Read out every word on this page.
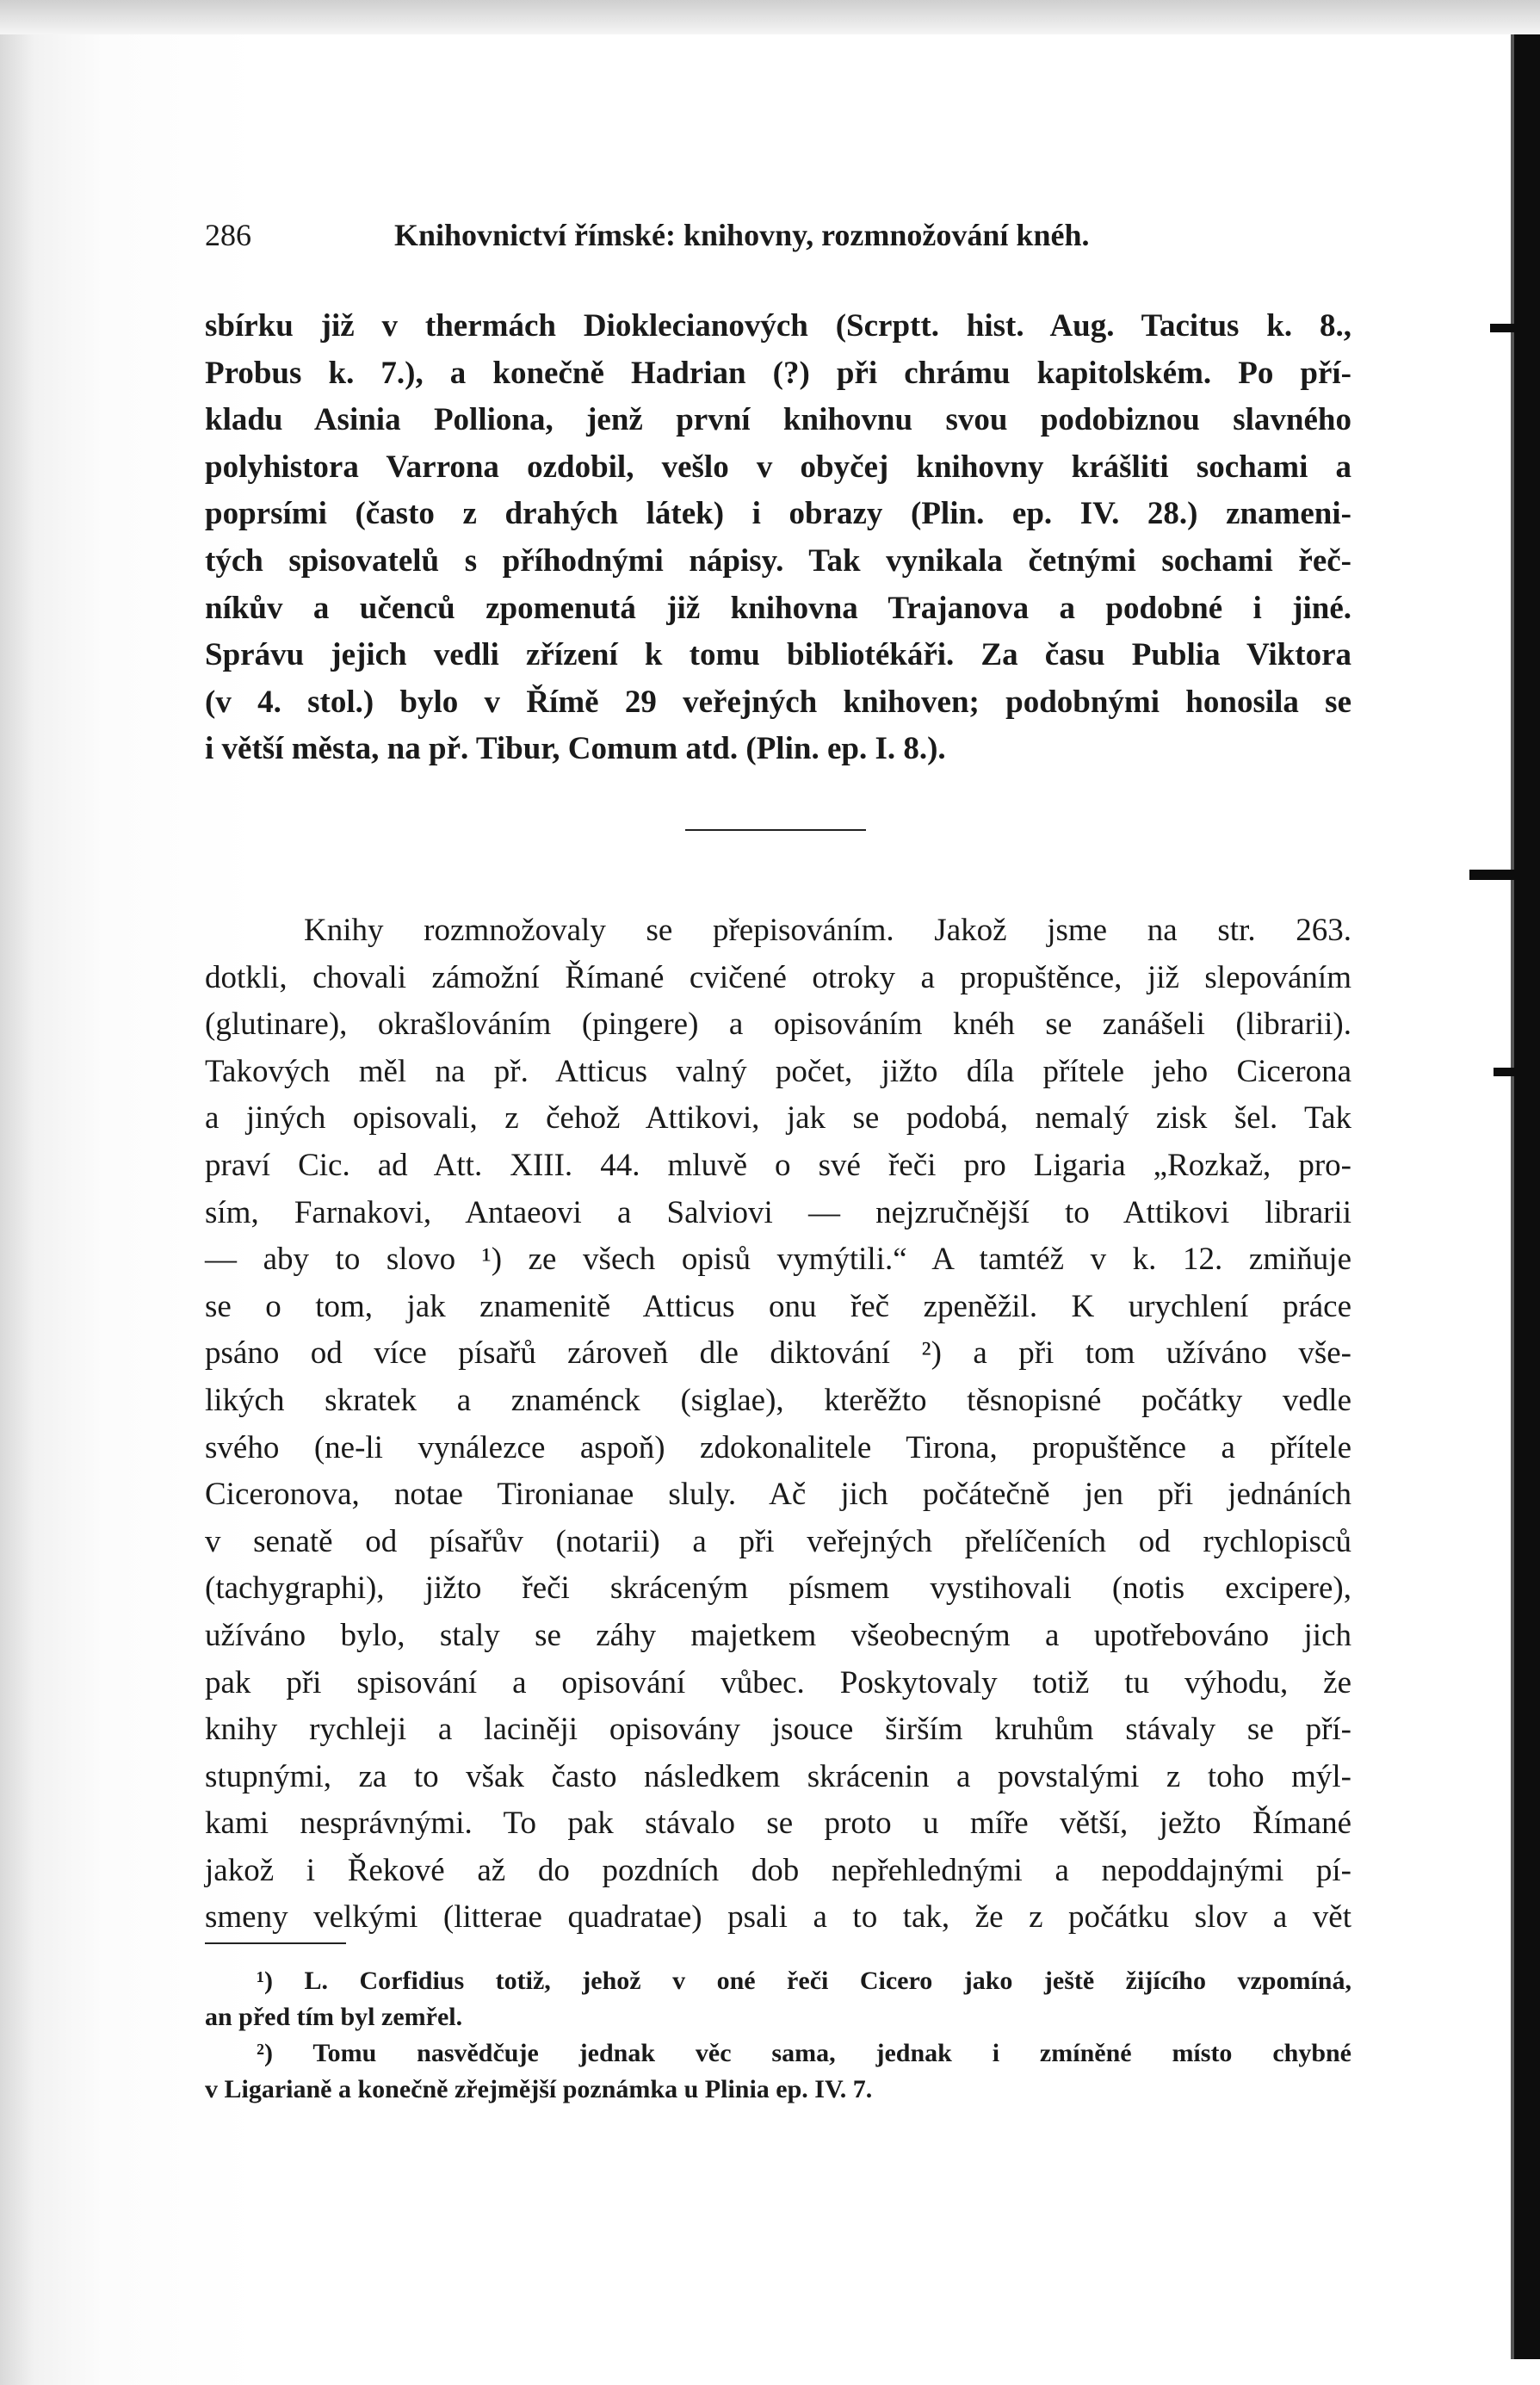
286	Knihovnictví římské: knihovny, rozmnožování knéh.
sbírku již v thermách Dioklecianových (Scrptt. hist. Aug. Tacitus k. 8.,
Probus k. 7.), a konečně Hadrian (?) při chrámu kapitolském. Po pří-
kladu Asinia Polliona, jenž první knihovnu svou podobiznou slavného
polyhistora Varrona ozdobil, vešlo v obyčej knihovny krášliti sochami a
poprsími (často z drahých látek) i obrazy (Plin. ep. IV. 28.) znameni-
tých spisovatelů s příhodnými nápisy. Tak vynikala četnými sochami řeč-
níkův a učenců zpomenutá již knihovna Trajanova a podobné i jiné.
Správu jejich vedli zřízení k tomu bibliotékáři. Za času Publia Viktora
(v 4. stol.) bylo v Římě 29 veřejných knihoven; podobnými honosila se
i větší města, na př. Tibur, Comum atd. (Plin. ep. I. 8.).
Knihy rozmnožovaly se přepisováním. Jakož jsme na str. 263.
dotkli, chovali zámožní Římané cvičené otroky a propuštěnce, již slepováním
(glutinare), okrašlováním (pingere) a opisováním knéh se zanášeli (librarii).
Takových měl na př. Atticus valný počet, jižto díla přítele jeho Cicerona
a jiných opisovali, z čehož Attikovi, jak se podobá, nemalý zisk šel. Tak
praví Cic. ad Att. XIII. 44. mluvě o své řeči pro Ligaria „Rozkaž, pro-
sím, Farnakovi, Antaeovi a Salviovi — nejzručnější to Attikovi librarii
— aby to slovo ¹) ze všech opisů vymýtili.“ A tamtéž v k. 12. zmiňuje
se o tom, jak znamenitě Atticus onu řeč zpeněžil. K urychlení práce
psáno od více písařů zároveň dle diktování ²) a při tom užíváno vše-
likých skratek a znaménck (siglae), kterěžto těsnopisné počátky vedle
svého (ne-li vynálezce aspoň) zdokonalitele Tirona, propuštěnce a přítele
Ciceronova, notae Tironianae sluly. Ač jich počátečně jen při jednáních
v senatě od písařův (notarii) a při veřejných přelíčeních od rychlopisců
(tachygraphi), jižto řeči skráceným písmem vystihovali (notis excipere),
užíváno bylo, staly se záhy majetkem všeobecným a upotřebováno jich
pak při spisování a opisování vůbec. Poskytovaly totiž tu výhodu, že
knihy rychleji a laciněji opisovány jsouce širším kruhům stávaly se pří-
stupnými, za to však často následkem skrácenin a povstalými z toho mýl-
kami nesprávnými. To pak stávalo se proto u míře větší, ježto Římané
jakož i Řekové až do pozdních dob nepřehlednými a nepoddajnými pí-
smeny velkými (litterae quadratae) psali a to tak, že z počátku slov a vět
¹) L. Corfidius totiž, jehož v oné řeči Cicero jako ještě žijícího vzpomíná,
an před tím byl zemřel.
²) Tomu nasvědčuje jednak věc sama, jednak i zmíněné místo chybné
v Ligarianě a konečně zřejmější poznámka u Plinia ep. IV. 7.
